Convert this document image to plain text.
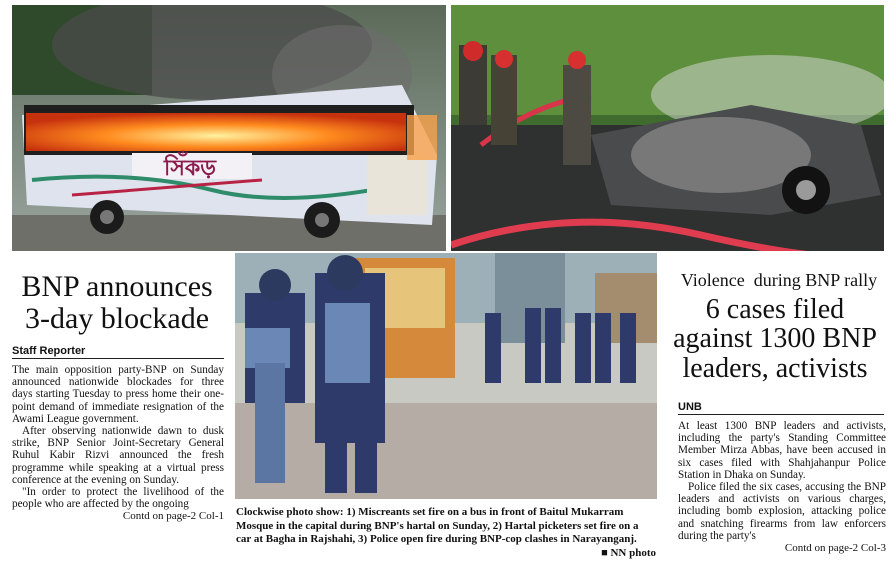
সিঁকড়
BNP announces
3-day blockade
Staff Reporter

The main opposition party-BNP on Sunday announced nationwide blockades for three days starting Tuesday to press home their one-point demand of immediate resignation of the Awami League government.

After observing nationwide dawn to dusk strike, BNP Senior Joint-Secretary General Ruhul Kabir Rizvi announced the fresh programme while speaking at a virtual press conference at the evening on Sunday.

"In order to protect the livelihood of the people who are affected by the ongoing

Contd on page-2 Col-1 Clockwise photo show: 1) Miscreants set fire on a bus in front of Baitul Mukarram Mosque in the capital during BNP's hartal on Sunday, 2) Hartal picketers set fire on a car at Bagha in Rajshahi, 3) Police open fire during BNP-cop clashes in Narayanganj.
■ NN photo
Violence  during BNP rally
6 cases filed
against 1300 BNP
leaders, activists
UNB

At least 1300 BNP leaders and activists, including the party's Standing Committee Member Mirza Abbas, have been accused in six cases filed with Shahjahanpur Police Station in Dhaka on Sunday.

Police filed the six cases, accusing the BNP leaders and activists on various charges, including bomb explosion, attacking police and snatching firearms from law enforcers during the party's

Contd on page-2 Col-3
